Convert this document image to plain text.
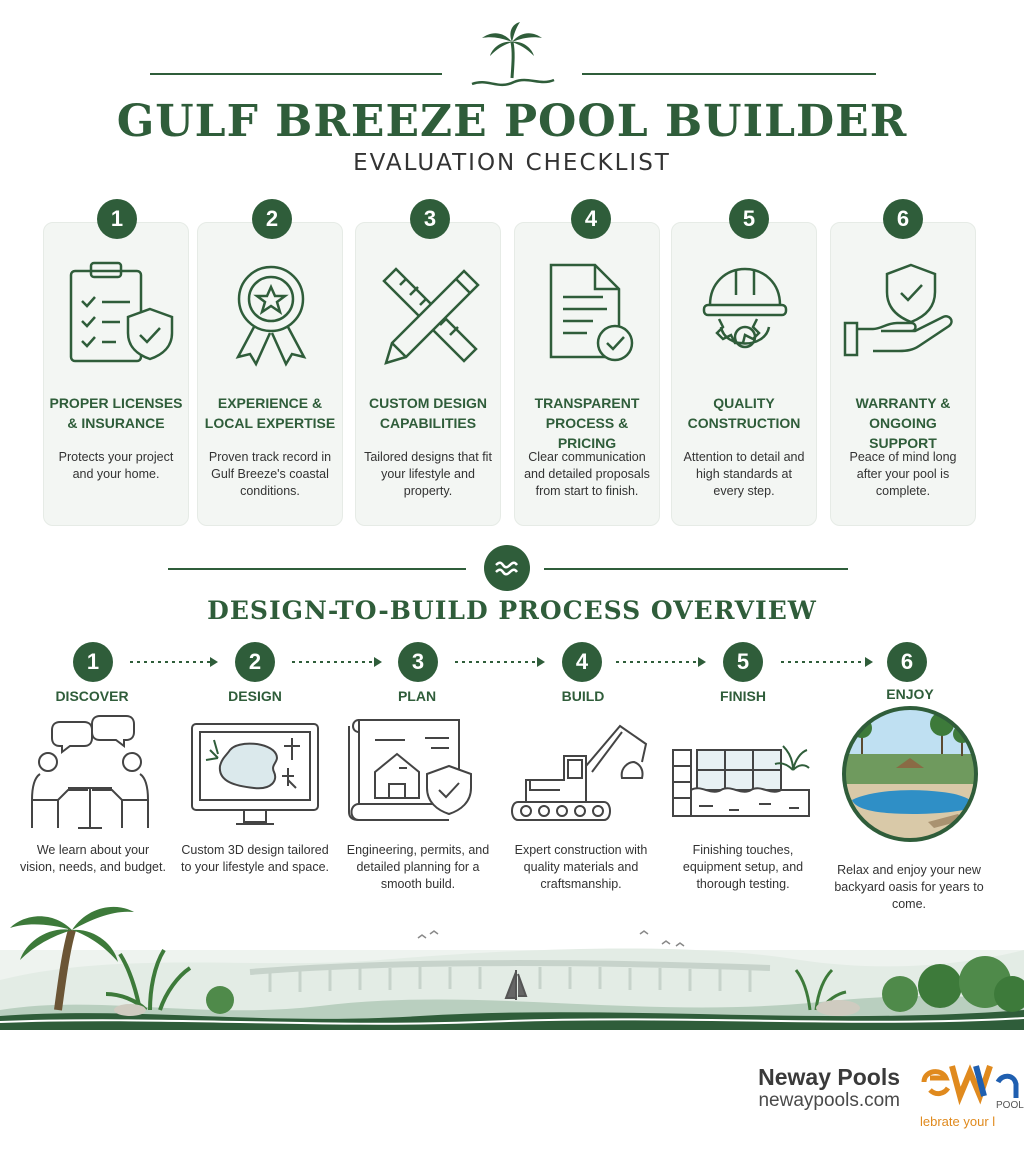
GULF BREEZE POOL BUILDER
EVALUATION CHECKLIST
PROPER LICENSES & INSURANCE
Protects your project and your home.
1
EXPERIENCE & LOCAL EXPERTISE
Proven track record in Gulf Breeze's coastal conditions.
2
CUSTOM DESIGN CAPABILITIES
Tailored designs that fit your lifestyle and property.
3
TRANSPARENT PROCESS & PRICING
Clear communication and detailed proposals from start to finish.
4
QUALITY CONSTRUCTION
Attention to detail and high standards at every step.
5
WARRANTY & ONGOING SUPPORT
Peace of mind long after your pool is complete.
6
DESIGN-TO-BUILD PROCESS OVERVIEW
1	2	3	4	5	6
DISCOVER	DESIGN	PLAN	BUILD	FINISH	ENJOY
We learn about your vision, needs, and budget.
Custom 3D design tailored to your lifestyle and space.
Engineering, permits, and detailed planning for a smooth build.
Expert construction with quality materials and craftsmanship.
Finishing touches, equipment setup, and thorough testing.
Relax and enjoy your new backyard oasis for years to come.
Neway Pools
newaypools.com	POOL
lebrate your l
